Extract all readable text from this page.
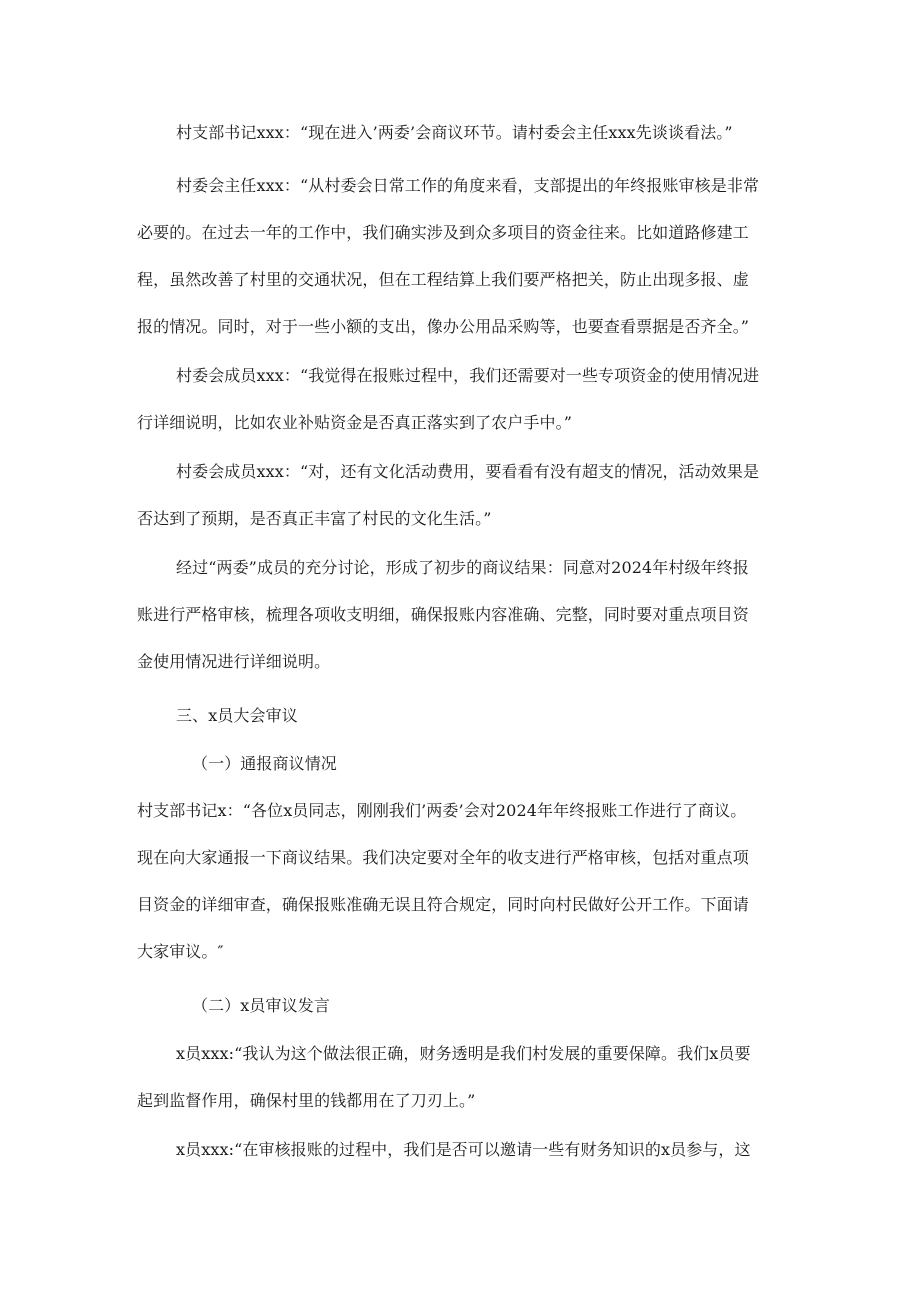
村支部书记xxx：“现在进入’两委’会商议环节。请村委会主任xxx先谈谈看法。”
村委会主任xxx：“从村委会日常工作的角度来看，支部提出的年终报账审核是非常
必要的。在过去一年的工作中，我们确实涉及到众多项目的资金往来。比如道路修建工
程，虽然改善了村里的交通状况，但在工程结算上我们要严格把关，防止出现多报、虚
报的情况。同时，对于一些小额的支出，像办公用品采购等，也要查看票据是否齐全。”
村委会成员xxx：“我觉得在报账过程中，我们还需要对一些专项资金的使用情况进
行详细说明，比如农业补贴资金是否真正落实到了农户手中。”
村委会成员xxx：“对，还有文化活动费用，要看看有没有超支的情况，活动效果是
否达到了预期，是否真正丰富了村民的文化生活。”
经过“两委”成员的充分讨论，形成了初步的商议结果：同意对2024年村级年终报
账进行严格审核，梳理各项收支明细，确保报账内容准确、完整，同时要对重点项目资
金使用情况进行详细说明。
三、x员大会审议
（一）通报商议情况
村支部书记x：“各位x员同志，刚刚我们’两委’会对2024年年终报账工作进行了商议。
现在向大家通报一下商议结果。我们决定要对全年的收支进行严格审核，包括对重点项
目资金的详细审查，确保报账准确无误且符合规定，同时向村民做好公开工作。下面请
大家审议。″
（二）x员审议发言
x员xxx:“我认为这个做法很正确，财务透明是我们村发展的重要保障。我们x员要
起到监督作用，确保村里的钱都用在了刀刃上。”
x员xxx:“在审核报账的过程中，我们是否可以邀请一些有财务知识的x员参与，这
